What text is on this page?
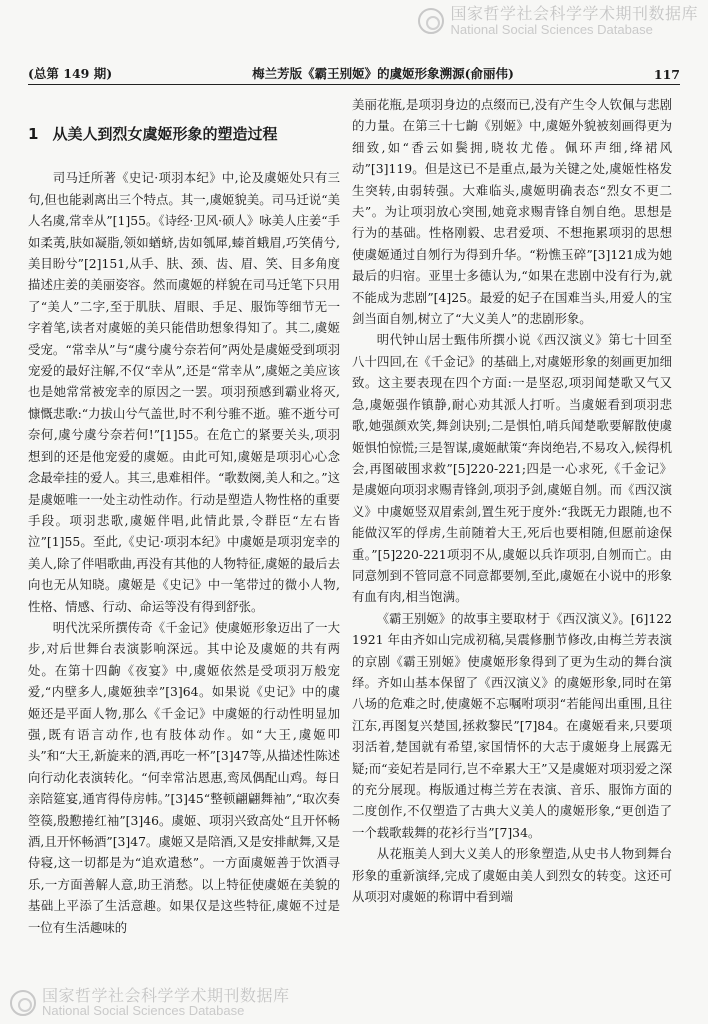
国家哲学社会科学学术期刊数据库
National Social Sciences Database
(总第 149 期)	梅兰芳版《霸王别姬》的虞姬形象溯源(俞丽伟)	117
1 从美人到烈女虞姬形象的塑造过程

司马迁所著《史记·项羽本纪》中,论及虞姬处只有三句,但也能剥离出三个特点。其一,虞姬貌美。司马迁说“美人名虞,常幸从”[1]55。《诗经·卫风·硕人》咏美人庄姜“手如柔荑,肤如凝脂,领如蝤蛴,齿如瓠犀,螓首蛾眉,巧笑倩兮,美目盼兮”[2]151,从手、肤、颈、齿、眉、笑、目多角度描述庄姜的美丽姿容。然而虞姬的样貌在司马迁笔下只用了“美人”二字,至于肌肤、眉眼、手足、服饰等细节无一字着笔,读者对虞姬的美只能借助想象得知了。其二,虞姬受宠。“常幸从”与“虞兮虞兮奈若何”两处是虞姬受到项羽宠爱的最好注解,不仅“幸从”,还是“常幸从”,虞姬之美应该也是她常常被宠幸的原因之一罢。项羽预感到霸业将灭,慷慨悲歌:“力拔山兮气盖世,时不利兮骓不逝。骓不逝兮可奈何,虞兮虞兮奈若何!”[1]55。在危亡的紧要关头,项羽想到的还是他宠爱的虞姬。由此可知,虞姬是项羽心心念念最牵挂的爱人。其三,患难相伴。“歌数阕,美人和之。”这是虞姬唯一一处主动性动作。行动是塑造人物性格的重要手段。项羽悲歌,虞姬伴唱,此情此景,令群臣“左右皆泣”[1]55。至此,《史记·项羽本纪》中虞姬是项羽宠幸的美人,除了伴唱歌曲,再没有其他的人物特征,虞姬的最后去向也无从知晓。虞姬是《史记》中一笔带过的微小人物,性格、情感、行动、命运等没有得到舒张。

明代沈采所撰传奇《千金记》使虞姬形象迈出了一大步,对后世舞台表演影响深远。其中论及虞姬的共有两处。在第十四齣《夜宴》中,虞姬依然是受项羽万般宠爱,“内壁多人,虞姬独幸”[3]64。如果说《史记》中的虞姬还是平面人物,那么《千金记》中虞姬的行动性明显加强,既有语言动作,也有肢体动作。如“大王,虞姬叩头”和“大王,新旋来的酒,再吃一杯”[3]47等,从描述性陈述向行动化表演转化。“何幸常沾恩惠,鸾凤偶配山鸡。每日亲陪筵宴,通宵得侍房帏。”[3]45“整顿翩翩舞袖”,“取次奏箜篌,殷懃捲红袖”[3]46。虞姬、项羽兴致高处“且开怀畅酒,且开怀畅酒”[3]47。虞姬又是陪酒,又是安排献舞,又是侍寝,这一切都是为“追欢遣愁”。一方面虞姬善于饮酒寻乐,一方面善解人意,助王消愁。以上特征使虞姬在美貌的基础上平添了生活意趣。如果仅是这些特征,虞姬不过是一位有生活趣味的

美丽花瓶,是项羽身边的点缀而已,没有产生令人钦佩与悲剧的力量。在第三十七齣《别姬》中,虞姬外貌被刻画得更为细致,如“香云如鬓拥,晓妆尤倦。佩环声细,绛裙风动”[3]119。但是这已不是重点,最为关键之处,虞姬性格发生突转,由弱转强。大难临头,虞姬明确表态“烈女不更二夫”。为让项羽放心突围,她竟求赐青锋自刎自绝。思想是行为的基础。性格刚毅、忠君爱项、不想拖累项羽的思想使虞姬通过自刎行为得到升华。“粉憔玉碎”[3]121成为她最后的归宿。亚里士多德认为,“如果在悲剧中没有行为,就不能成为悲剧”[4]25。最爱的妃子在国难当头,用爱人的宝剑当面自刎,树立了“大义美人”的悲剧形象。

明代钟山居士甄伟所撰小说《西汉演义》第七十回至八十四回,在《千金记》的基础上,对虞姬形象的刻画更加细致。这主要表现在四个方面:一是坚忍,项羽闻楚歌又气又急,虞姬强作镇静,耐心劝其派人打听。当虞姬看到项羽悲歌,她强颜欢笑,舞剑诀别;二是惧怕,哨兵闻楚歌要解散使虞姬惧怕惊慌;三是智谋,虞姬献策“奔岗绝岩,不易攻入,候得机会,再图破围求救”[5]220-221;四是一心求死,《千金记》是虞姬向项羽求赐青锋剑,项羽予剑,虞姬自刎。而《西汉演义》中虞姬竖双眉索剑,置生死于度外:“我既无力跟随,也不能做汉军的俘虏,生前随着大王,死后也要相随,但愿前途保重。”[5]220-221项羽不从,虞姬以兵诈项羽,自刎而亡。由同意刎到不管同意不同意都要刎,至此,虞姬在小说中的形象有血有肉,相当饱满。

《霸王别姬》的故事主要取材于《西汉演义》。[6]122 1921 年由齐如山完成初稿,吴震修删节修改,由梅兰芳表演的京剧《霸王别姬》使虞姬形象得到了更为生动的舞台演绎。齐如山基本保留了《西汉演义》的虞姬形象,同时在第八场的危难之时,使虞姬不忘嘱咐项羽“若能闯出重围,且往江东,再图复兴楚国,拯救黎民”[7]84。在虞姬看来,只要项羽活着,楚国就有希望,家国情怀的大志于虞姬身上展露无疑;而“妾妃若是同行,岂不牵累大王”又是虞姬对项羽爱之深的充分展现。梅版通过梅兰芳在表演、音乐、服饰方面的二度创作,不仅塑造了古典大义美人的虞姬形象,“更创造了一个载歌载舞的花衫行当”[7]34。

从花瓶美人到大义美人的形象塑造,从史书人物到舞台形象的重新演绎,完成了虞姬由美人到烈女的转变。这还可从项羽对虞姬的称谓中看到端

国家哲学社会科学学术期刊数据库
National Social Sciences Database
